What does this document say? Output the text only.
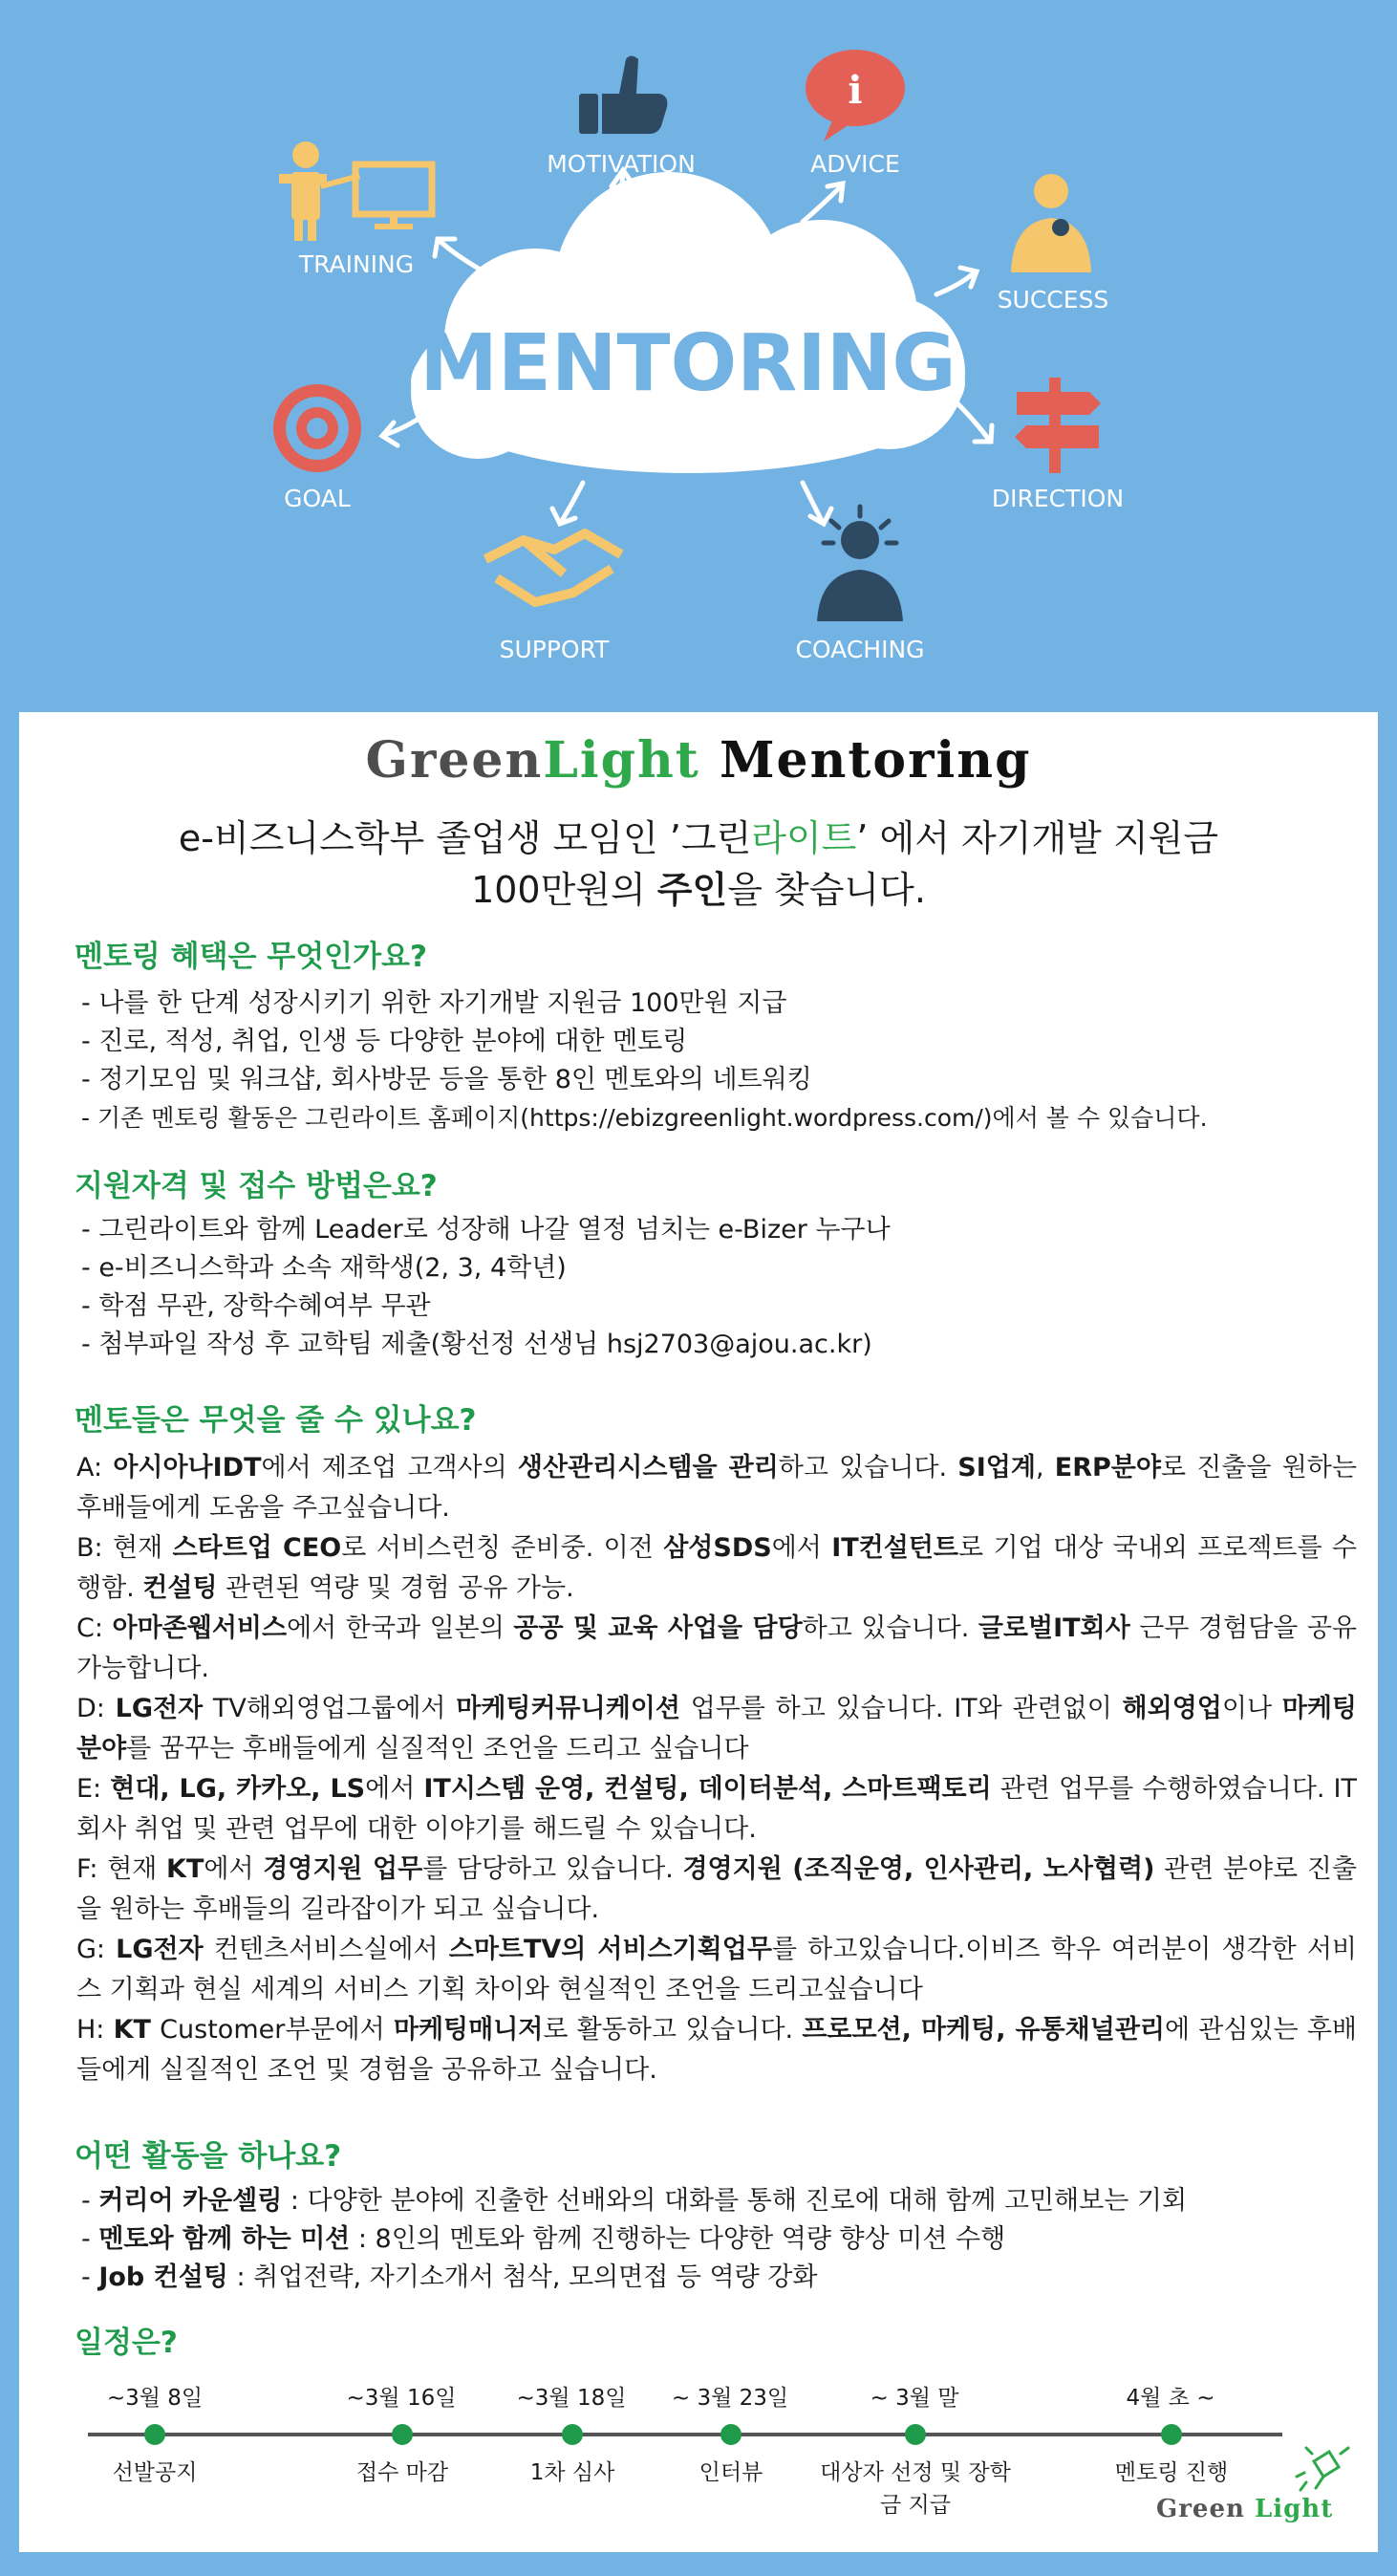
MENTORING
TRAINING
MOTIVATION
i
ADVICE
SUCCESS
GOAL	DIRECTION
SUPPORT	COACHING
GreenLight Mentoring
e-비즈니스학부 졸업생 모임인 ’그린라이트’ 에서 자기개발 지원금
100만원의 주인을 찾습니다.
멘토링 혜택은 무엇인가요?
- 나를 한 단계 성장시키기 위한 자기개발 지원금 100만원 지급
- 진로, 적성, 취업, 인생 등 다양한 분야에 대한 멘토링
- 정기모임 및 워크샵, 회사방문 등을 통한 8인 멘토와의 네트워킹
- 기존 멘토링 활동은 그린라이트 홈페이지(https://ebizgreenlight.wordpress.com/)에서 볼 수 있습니다.
지원자격 및 접수 방법은요?
- 그린라이트와 함께 Leader로 성장해 나갈 열정 넘치는 e-Bizer 누구나
- e-비즈니스학과 소속 재학생(2, 3, 4학년)
- 학점 무관, 장학수혜여부 무관
- 첨부파일 작성 후 교학팀 제출(황선정 선생님 hsj2703@ajou.ac.kr)
멘토들은 무엇을 줄 수 있나요?

A: 아시아나IDT에서 제조업 고객사의 생산관리시스템을 관리하고 있습니다. SI업계, ERP분야로 진출을 원하는 후배들에게 도움을 주고싶습니다.

B: 현재 스타트업 CEO로 서비스런칭 준비중. 이전 삼성SDS에서 IT컨설턴트로 기업 대상 국내외 프로젝트를 수행함. 컨설팅 관련된 역량 및 경험 공유 가능.

C: 아마존웹서비스에서 한국과 일본의 공공 및 교육 사업을 담당하고 있습니다. 글로벌IT회사 근무 경험담을 공유가능합니다.

D: LG전자 TV해외영업그룹에서 마케팅커뮤니케이션 업무를 하고 있습니다. IT와 관련없이 해외영업이나 마케팅분야를 꿈꾸는 후배들에게 실질적인 조언을 드리고 싶습니다

E: 현대, LG, 카카오, LS에서 IT시스템 운영, 컨설팅, 데이터분석, 스마트팩토리 관련 업무를 수행하였습니다. IT회사 취업 및 관련 업무에 대한 이야기를 해드릴 수 있습니다.

F: 현재 KT에서 경영지원 업무를 담당하고 있습니다. 경영지원 (조직운영, 인사관리, 노사협력) 관련 분야로 진출을 원하는 후배들의 길라잡이가 되고 싶습니다.

G: LG전자 컨텐츠서비스실에서 스마트TV의 서비스기획업무를 하고있습니다.이비즈 학우 여러분이 생각한 서비스 기획과 현실 세계의 서비스 기획 차이와 현실적인 조언을 드리고싶습니다

H: KT Customer부문에서 마케팅매니저로 활동하고 있습니다. 프로모션, 마케팅, 유통채널관리에 관심있는 후배들에게 실질적인 조언 및 경험을 공유하고 싶습니다.

어떤 활동을 하나요?
- 커리어 카운셀링 : 다양한 분야에 진출한 선배와의 대화를 통해 진로에 대해 함께 고민해보는 기회
- 멘토와 함께 하는 미션 : 8인의 멘토와 함께 진행하는 다양한 역량 향상 미션 수행
- Job 컨설팅 : 취업전략, 자기소개서 첨삭, 모의면접 등 역량 강화
일정은?
~3월 8일
선발공지
~3월 16일
접수 마감
~3월 18일
1차 심사
~ 3월 23일
인터뷰
~ 3월 말
대상자 선정 및 장학금 지급
4월 초 ~
멘토링 진행
Green Light
